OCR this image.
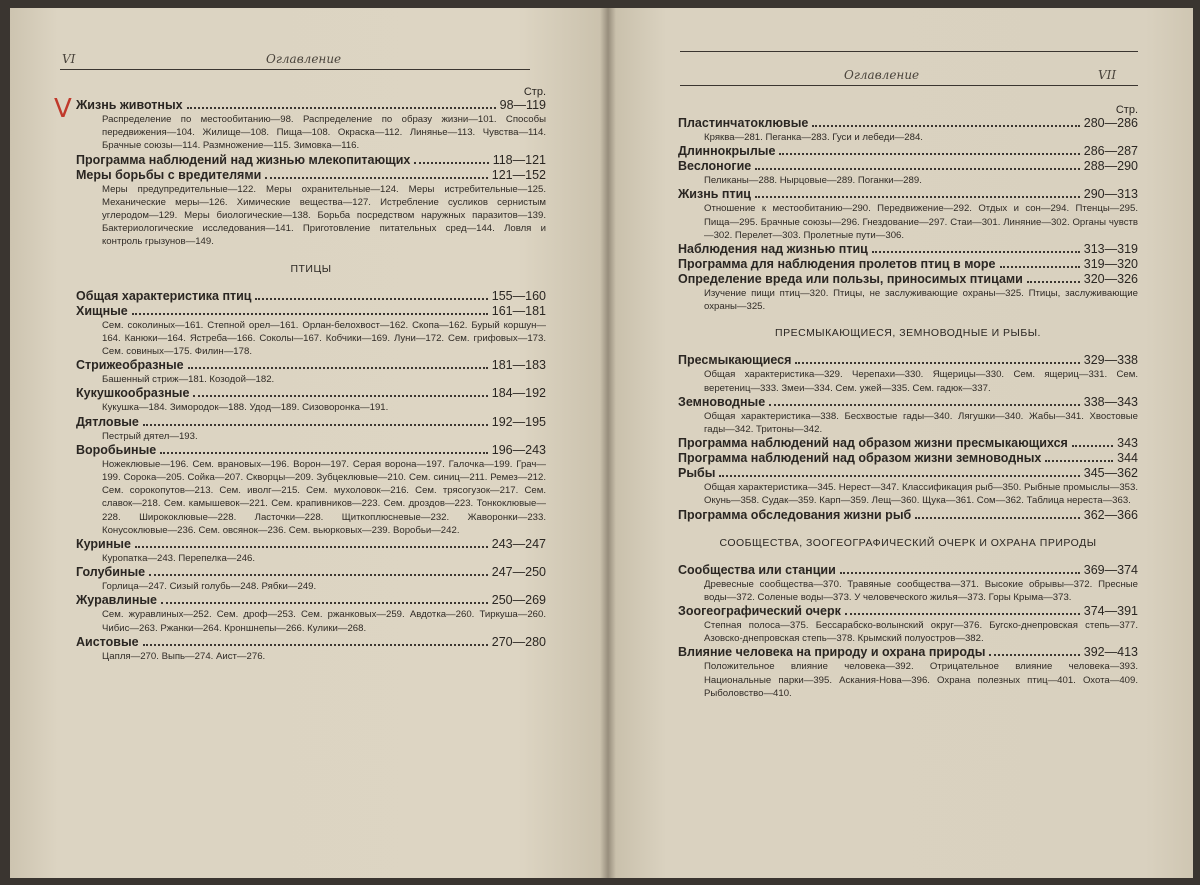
VI	Оглавление
V
Стр.
Жизнь животных	98—119
Распределение по местообитанию—98. Распределение по образу жизни—101. Способы передвижения—104. Жилище—108. Пища—108. Окраска—112. Линянье—113. Чувства—114. Брачные союзы—114. Размножение—115. Зимовка—116.
Программа наблюдений над жизнью млекопитающих	118—121
Меры борьбы с вредителями	121—152
Меры предупредительные—122. Меры охранительные—124. Меры истребительные—125. Механические меры—126. Химические вещества—127. Истребление сусликов сернистым углеродом—129. Меры биологические—138. Борьба посредством наружных паразитов—139. Бактериологические исследования—141. Приготовление питательных сред—144. Ловля и контроль грызунов—149.
ПТИЦЫ
Общая характеристика птиц	155—160
Хищные	161—181
Сем. соколиных—161. Степной орел—161. Орлан-белохвост—162. Скопа—162. Бурый коршун—164. Канюки—164. Ястреба—166. Соколы—167. Кобчики—169. Луни—172. Сем. грифовых—173. Сем. совиных—175. Филин—178.
Стрижеобразные	181—183
Башенный стриж—181. Козодой—182.
Кукушкообразные	184—192
Кукушка—184. Зимородок—188. Удод—189. Сизоворонка—191.
Дятловые	192—195
Пестрый дятел—193.
Воробьиные	196—243
Ножеклювые—196. Сем. врановых—196. Ворон—197. Серая ворона—197. Галочка—199. Грач—199. Сорока—205. Сойка—207. Скворцы—209. Зубцеклювые—210. Сем. синиц—211. Ремез—212. Сем. сорокопутов—213. Сем. иволг—215. Сем. мухоловок—216. Сем. трясогузок—217. Сем. славок—218. Сем. камышевок—221. Сем. крапивников—223. Сем. дроздов—223. Тонкоклювые—228. Ширококлювые—228. Ласточки—228. Щиткоплюсневые—232. Жаворонки—233. Конусоклювые—236. Сем. овсянок—236. Сем. вьюрковых—239. Воробьи—242.
Куриные	243—247
Куропатка—243. Перепелка—246.
Голубиные	247—250
Горлица—247. Сизый голубь—248. Рябки—249.
Журавлиные	250—269
Сем. журавлиных—252. Сем. дроф—253. Сем. ржанковых—259. Авдотка—260. Тиркуша—260. Чибис—263. Ржанки—264. Кроншнепы—266. Кулики—268.
Аистовые	270—280
Цапля—270. Выпь—274. Аист—276.
Оглавление	VII
Стр.
Пластинчатоклювые	280—286
Кряква—281. Пеганка—283. Гуси и лебеди—284.
Длиннокрылые	286—287
Веслоногие	288—290
Пеликаны—288. Нырцовые—289. Поганки—289.
Жизнь птиц	290—313
Отношение к местообитанию—290. Передвижение—292. Отдых и сон—294. Птенцы—295. Пища—295. Брачные союзы—296. Гнездование—297. Стаи—301. Линяние—302. Органы чувств—302. Перелет—303. Пролетные пути—306.
Наблюдения над жизнью птиц	313—319
Программа для наблюдения пролетов птиц в море	319—320
Определение вреда или пользы, приносимых птицами	320—326
Изучение пищи птиц—320. Птицы, не заслуживающие охраны—325. Птицы, заслуживающие охраны—325.
ПРЕСМЫКАЮЩИЕСЯ, ЗЕМНОВОДНЫЕ И РЫБЫ.
Пресмыкающиеся	329—338
Общая характеристика—329. Черепахи—330. Ящерицы—330. Сем. ящериц—331. Сем. веретениц—333. Змеи—334. Сем. ужей—335. Сем. гадюк—337.
Земноводные	338—343
Общая характеристика—338. Бесхвостые гады—340. Лягушки—340. Жабы—341. Хвостовые гады—342. Тритоны—342.
Программа наблюдений над образом жизни пресмыкающихся	343
Программа наблюдений над образом жизни земноводных	344
Рыбы	345—362
Общая характеристика—345. Нерест—347. Классификация рыб—350. Рыбные промыслы—353. Окунь—358. Судак—359. Карп—359. Лещ—360. Щука—361. Сом—362. Таблица нереста—363.
Программа обследования жизни рыб	362—366
СООБЩЕСТВА, ЗООГЕОГРАФИЧЕСКИЙ ОЧЕРК И ОХРАНА ПРИРОДЫ
Сообщества или станции	369—374
Древесные сообщества—370. Травяные сообщества—371. Высокие обрывы—372. Пресные воды—372. Соленые воды—373. У человеческого жилья—373. Горы Крыма—373.
Зоогеографический очерк	374—391
Степная полоса—375. Бессарабско-волынский округ—376. Бугско-днепровская степь—377. Азовско-днепровская степь—378. Крымский полуостров—382.
Влияние человека на природу и охрана природы	392—413
Положительное влияние человека—392. Отрицательное влияние человека—393. Национальные парки—395. Аскания-Нова—396. Охрана полезных птиц—401. Охота—409. Рыболовство—410.
